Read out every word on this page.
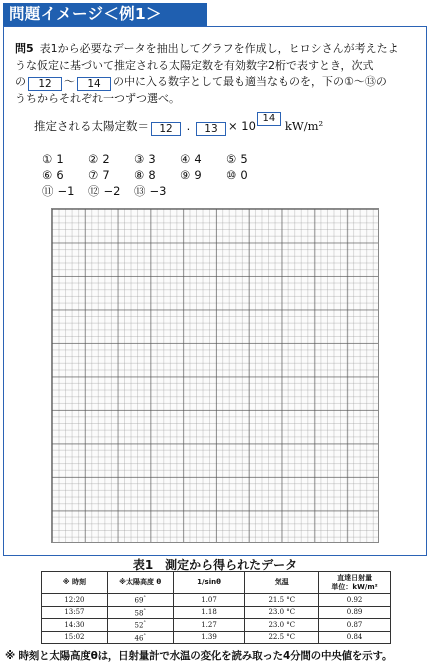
問題イメージ＜例1＞
問5 表1から必要なデータを抽出してグラフを作成し，ヒロシさんが考えたよ
うな仮定に基づいて推定される太陽定数を有効数字2桁で表すとき，次式
の 12 ～ 14 の中に入る数字として最も適当なものを，下の①～⑬の
うちからそれぞれ一つずつ選べ。
推定される太陽定数＝ 12 . 13 × 1014kW/m²
① 1	② 2	③ 3	④ 4	⑤ 5
⑥ 6	⑦ 7	⑧ 8	⑨ 9	⑩ 0
⑪ −1	⑫ −2	⑬ −3
表1　測定から得られたデータ
※ 時刻	※太陽高度 θ	1/sinθ	気温	直達日射量
単位：kW/m²
12:20	69°	1.07	21.5 °C	0.92
13:57	58°	1.18	23.0 °C	0.89
14:30	52°	1.27	23.0 °C	0.87
15:02	46°	1.39	22.5 °C	0.84
※ 時刻と太陽高度θは，日射量計で水温の変化を読み取った4分間の中央値を示す。
